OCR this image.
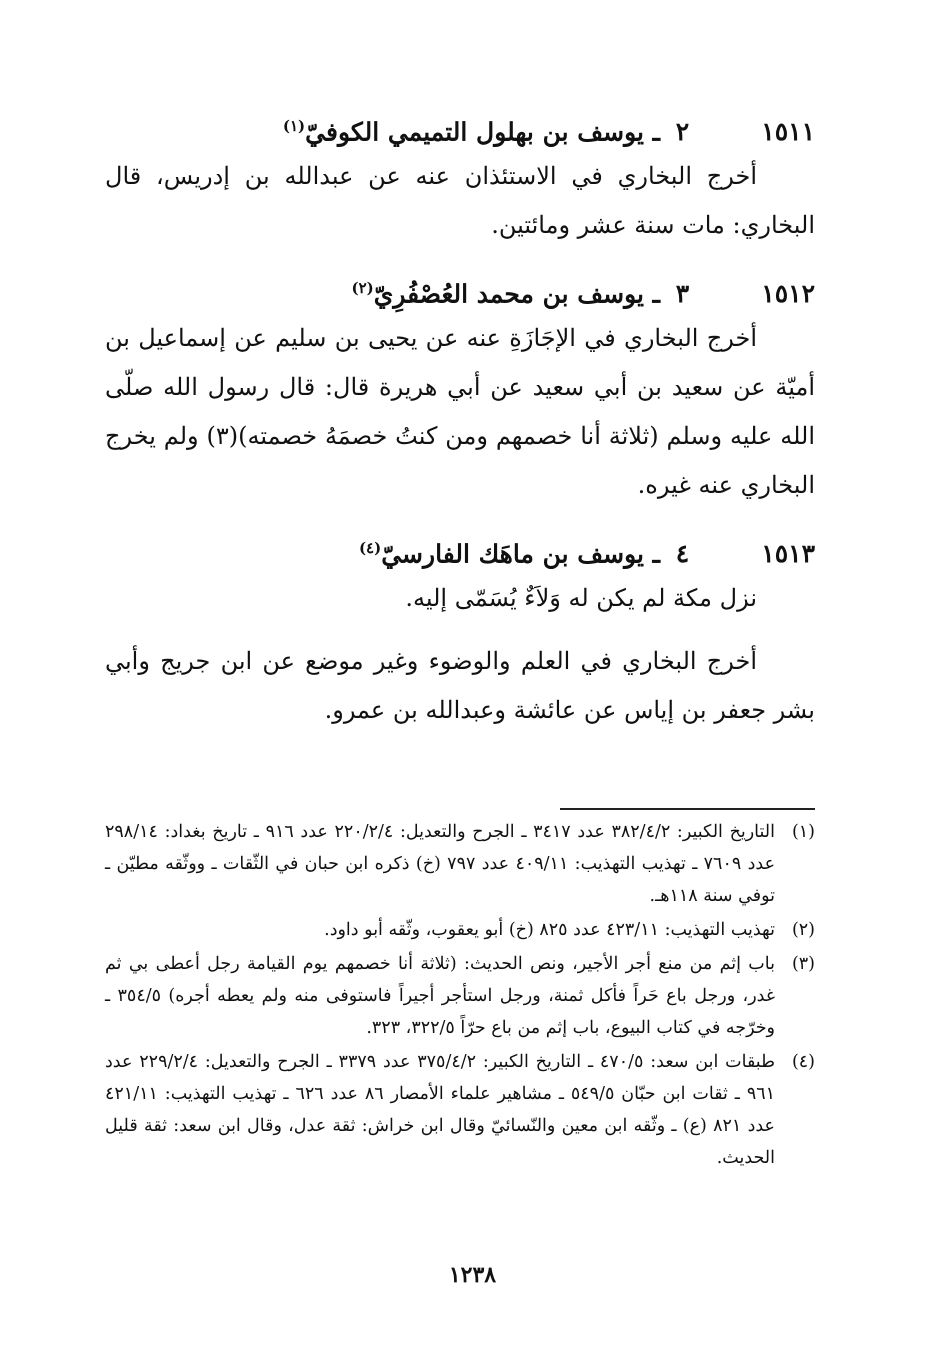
١٥١١
٢
ـ يوسف بن بهلول التميمي الكوفيّ$^{(١)}$
أخرج البخاري في الاستئذان عنه عن عبدالله بن إدريس، قال البخاري: مات سنة عشر ومائتين.
١٥١٢
٣
ـ يوسف بن محمد العُصْفُرِيّ$^{(٢)}$
أخرج البخاري في الإجَازَةِ عنه عن يحيى بن سليم عن إسماعيل بن أميّة عن سعيد بن أبي سعيد عن أبي هريرة قال: قال رسول الله صلّى الله عليه وسلم (ثلاثة أنا خصمهم ومن كنتُ خصمَهُ خصمته)(٣) ولم يخرج البخاري عنه غيره.
١٥١٣
٤
ـ يوسف بن ماهَك الفارسيّ$^{(٤)}$
نزل مكة لم يكن له وَلاَءٌ يُسَمّى إليه.
أخرج البخاري في العلم والوضوء وغير موضع عن ابن جريج وأبي بشر جعفر بن إياس عن عائشة وعبدالله بن عمرو.
(١)
التاريخ الكبير: ٣٨٢/٤/٢ عدد ٣٤١٧ ـ الجرح والتعديل: ٢٢٠/٢/٤ عدد ٩١٦ ـ تاريخ بغداد: ٢٩٨/١٤ عدد ٧٦٠٩ ـ تهذيب التهذيب: ٤٠٩/١١ عدد ٧٩٧ (خ) ذكره ابن حبان في الثّقات ـ ووثّقه مطيّن ـ توفي سنة ١١٨هـ.
(٢)
تهذيب التهذيب: ٤٢٣/١١ عدد ٨٢٥ (خ) أبو يعقوب، وثّقه أبو داود.
(٣)
باب إثم من منع أجر الأجير، ونص الحديث: (ثلاثة أنا خصمهم يوم القيامة رجل أعطى بي ثم غدر، ورجل باع حَراً فأكل ثمنة، ورجل استأجر أجيراً فاستوفى منه ولم يعطه أجره) ٣٥٤/٥ ـ وخرّجه في كتاب البيوع، باب إثم من باع حرّاً ٣٢٢/٥، ٣٢٣.
(٤)
طبقات ابن سعد: ٤٧٠/٥ ـ التاريخ الكبير: ٣٧٥/٤/٢ عدد ٣٣٧٩ ـ الجرح والتعديل: ٢٢٩/٢/٤ عدد ٩٦١ ـ ثقات ابن حبّان ٥٤٩/٥ ـ مشاهير علماء الأمصار ٨٦ عدد ٦٢٦ ـ تهذيب التهذيب: ٤٢١/١١ عدد ٨٢١ (ع) ـ وثّقه ابن معين والنّسائيّ وقال ابن خراش: ثقة عدل، وقال ابن سعد: ثقة قليل الحديث.
١٢٣٨
